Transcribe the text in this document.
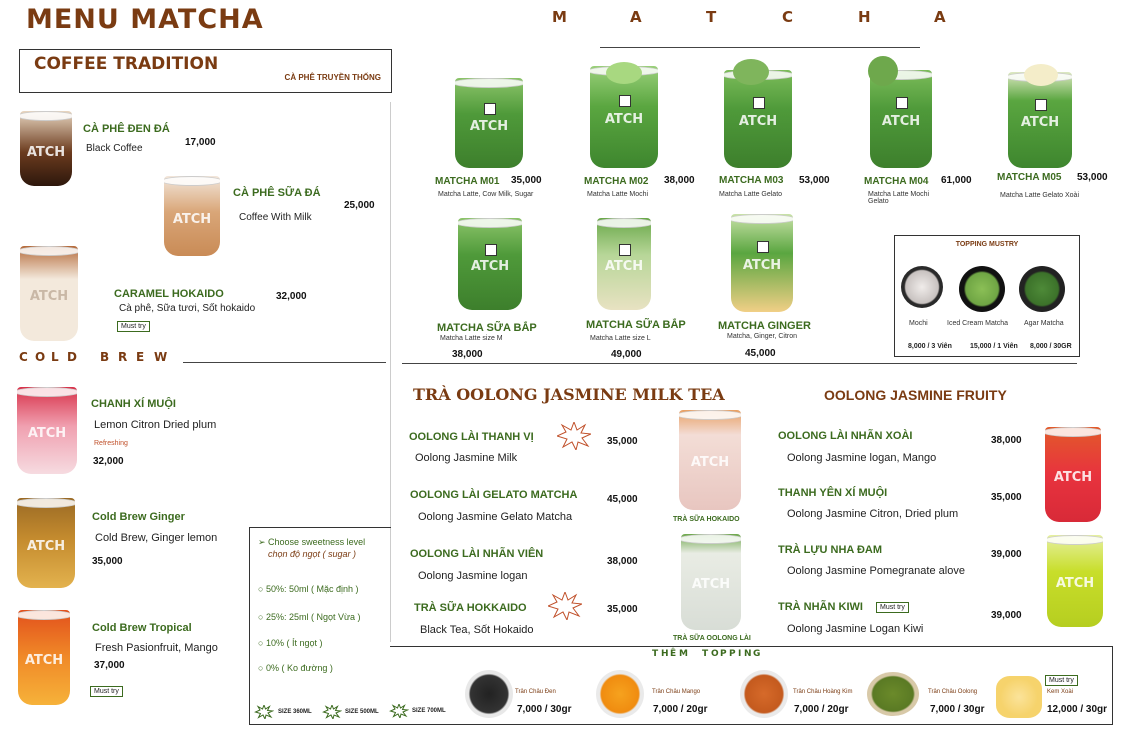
MENU MATCHA	M	A	T	C	H	A
COFFEE TRADITION
CÀ PHÊ TRUYỀN THỐNG
ATCH
ATCH
ATCH
CÀ PHÊ ĐEN ĐÁ
Black Coffee
17,000
CÀ PHÊ SỮA ĐÁ
Coffee With Milk
25,000
CARAMEL HOKAIDO
Cà phê, Sữa tươi, Sốt hokaido
32,000
Must try
C O L D B R E W
ATCH
ATCH
ATCH
CHANH XÍ MUỘI
Lemon Citron Dried plum
Refreshing
32,000
Cold Brew Ginger
Cold Brew, Ginger lemon
35,000
Cold Brew Tropical
Fresh Pasionfruit, Mango
37,000
Must try
ATCH	ATCH	ATCH	ATCH	ATCH
MATCHA M01 35,000
Matcha Latte, Cow Milk, Sugar
MATCHA M02 38,000
Matcha Latte Mochi
MATCHA M03 53,000
Matcha Latte Gelato
MATCHA M04 61,000
Matcha Latte Mochi Gelato
MATCHA M05 53,000
Matcha Latte Gelato Xoài
ATCH	ATCH	ATCH
MATCHA SỮA BẮP
Matcha Latte size M
38,000
MATCHA SỮA BẮP
Matcha Latte size L
49,000
MATCHA GINGER
Matcha, Ginger, Citron
45,000
TOPPING MUSTRY
Mochi	Iced Cream Matcha Agar Matcha
8,000 / 3 Viên	15,000 / 1 Viên 8,000 / 30GR
TRÀ OOLONG JASMINE MILK TEA
OOLONG LÀI THANH VỊ
Oolong Jasmine Milk
35,000
OOLONG LÀI GELATO MATCHA
Oolong Jasmine Gelato Matcha
45,000
OOLONG LÀI NHÃN VIÊN
Oolong Jasmine logan
38,000
TRÀ SỮA HOKKAIDO
Black Tea, Sốt Hokaido
35,000
ATCH
TRÀ SỮA HOKAIDO
ATCH
TRÀ SỮA OOLONG LÀI
OOLONG JASMINE FRUITY
OOLONG LÀI NHÃN XOÀI
Oolong Jasmine logan, Mango
38,000
THANH YÊN XÍ MUỘI
Oolong Jasmine Citron, Dried plum
35,000
TRÀ LỰU NHA ĐAM
Oolong Jasmine Pomegranate alove
39,000
TRÀ NHÃN KIWI	Must try
Oolong Jasmine Logan Kiwi
39,000
ATCH
ATCH
➢ Choose sweetness level
chọn độ ngọt ( sugar )
○ 50%: 50ml ( Mặc định )
○ 25%: 25ml ( Ngọt Vừa )
○ 10% ( Ít ngọt )
○ 0% ( Ko đường )
SIZE 360ML	SIZE 500ML	SIZE 700ML
T H Ê M T O P P I N G
Trân Châu Đen
7,000 / 30gr
Trân Châu Mango
7,000 / 20gr
Trân Châu Hoàng Kim
7,000 / 20gr
Trân Châu Oolong
7,000 / 30gr
Must try
Kem Xoài
12,000 / 30gr
